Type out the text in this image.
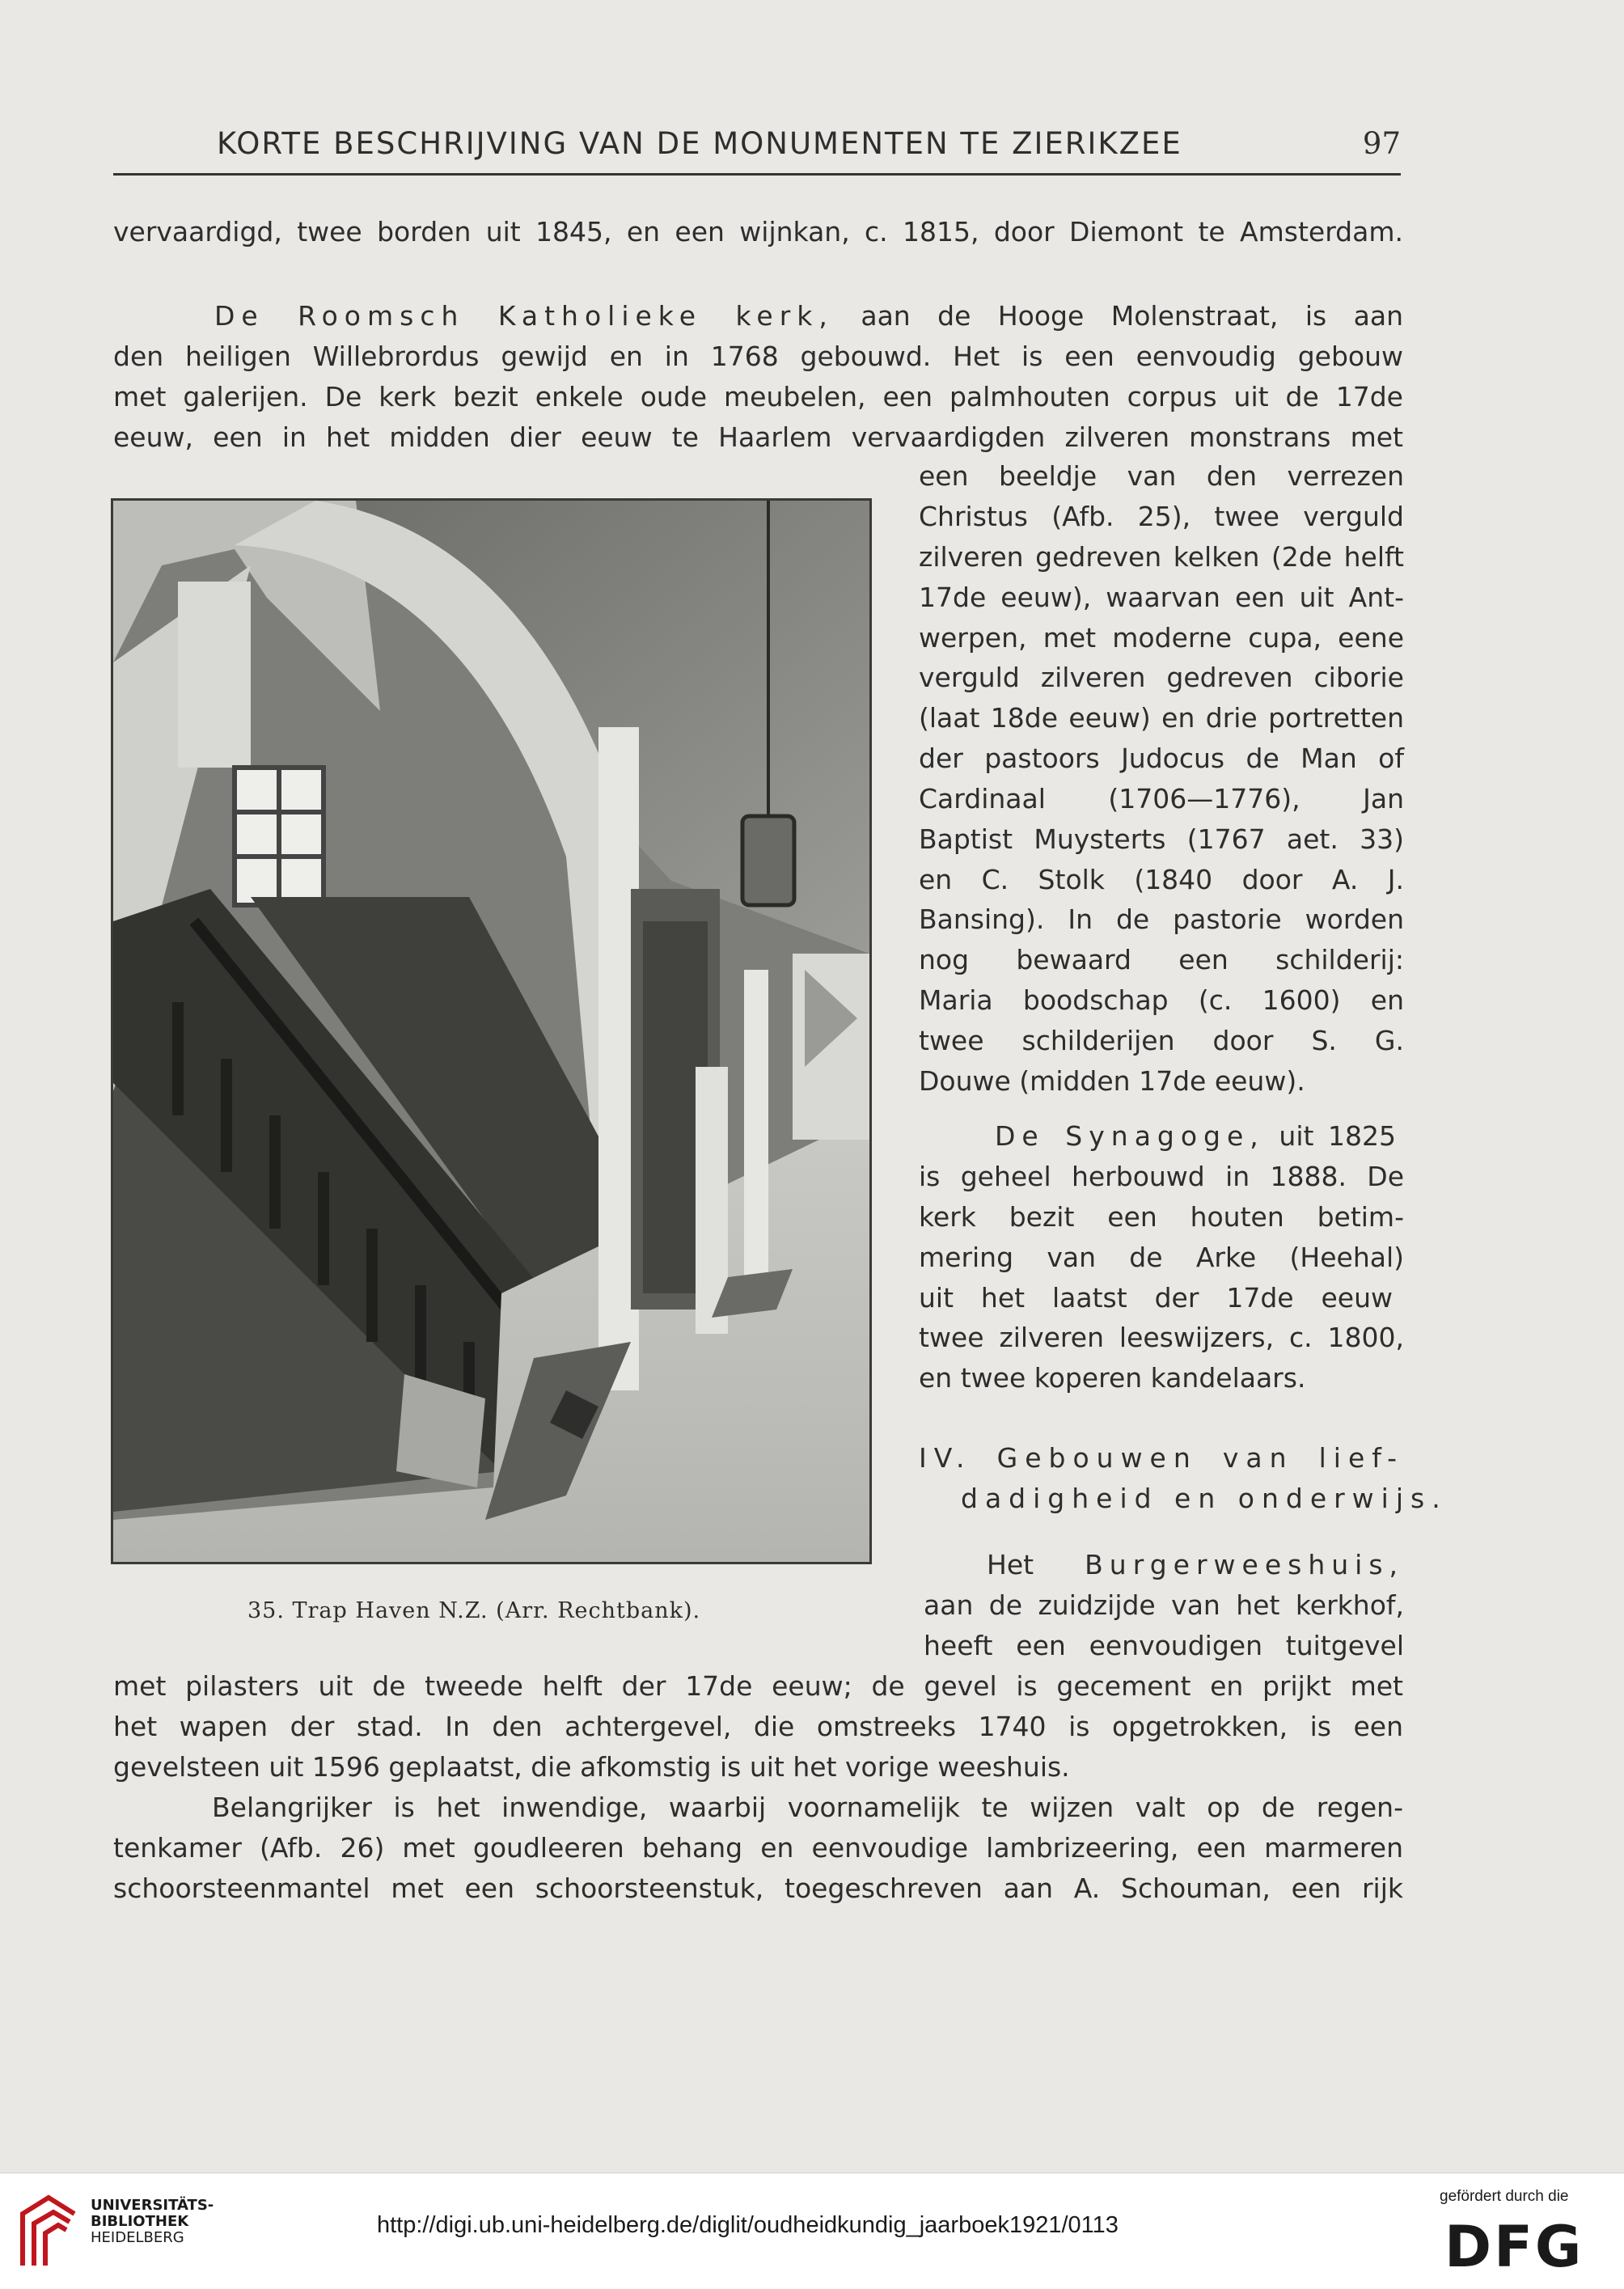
KORTE BESCHRIJVING VAN DE MONUMENTEN TE ZIERIKZEE	97
vervaardigd, twee borden uit 1845, en een wijnkan, c. 1815, door Diemont te Amsterdam.
De Roomsch Katholieke kerk, aan de Hooge Molenstraat, is aan
den heiligen Willebrordus gewijd en in 1768 gebouwd. Het is een eenvoudig gebouw
met galerijen. De kerk bezit enkele oude meubelen, een palmhouten corpus uit de 17de
eeuw, een in het midden dier eeuw te Haarlem vervaardigden zilveren monstrans met
een beeldje van den verrezen
Christus (Afb. 25), twee verguld
zilveren gedreven kelken (2de helft
17de eeuw), waarvan een uit Ant-
werpen, met moderne cupa, eene
verguld zilveren gedreven ciborie
(laat 18de eeuw) en drie portretten
der pastoors Judocus de Man of
Cardinaal (1706—1776), Jan
Baptist Muysterts (1767 aet. 33)
en C. Stolk (1840 door A. J.
Bansing). In de pastorie worden
nog bewaard een schilderij:
Maria boodschap (c. 1600) en
twee schilderijen door S. G.
Douwe (midden 17de eeuw).
De Synagoge, uit 1825
is geheel herbouwd in 1888. De
kerk bezit een houten betim-
mering van de Arke (Heehal)
uit het laatst der 17de eeuw
twee zilveren leeswijzers, c. 1800,
en twee koperen kandelaars.
IV. Gebouwen van lief-
dadigheid en onderwijs.
Het Burgerweeshuis,
aan de zuidzijde van het kerkhof,
heeft een eenvoudigen tuitgevel
met pilasters uit de tweede helft der 17de eeuw; de gevel is gecement en prijkt met
het wapen der stad. In den achtergevel, die omstreeks 1740 is opgetrokken, is een
gevelsteen uit 1596 geplaatst, die afkomstig is uit het vorige weeshuis.
Belangrijker is het inwendige, waarbij voornamelijk te wijzen valt op de regen-
tenkamer (Afb. 26) met goudleeren behang en eenvoudige lambrizeering, een marmeren
schoorsteenmantel met een schoorsteenstuk, toegeschreven aan A. Schouman, een rijk
35. Trap Haven N.Z. (Arr. Rechtbank).
UNIVERSITÄTS-
BIBLIOTHEK
HEIDELBERG	http://digi.ub.uni-heidelberg.de/diglit/oudheidkundig_jaarboek1921/0113
gefördert durch die
DFG
